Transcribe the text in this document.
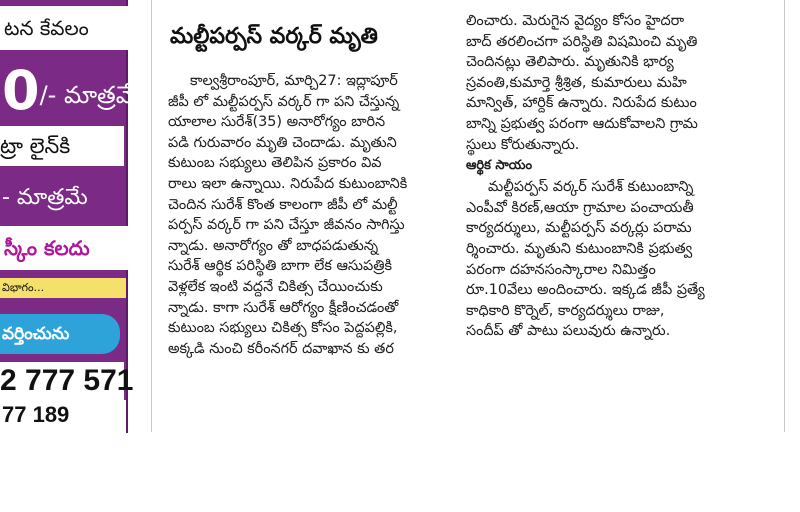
టన కేవలం
0/- మాత్రమే
ట్రా లైన్‌కి
- మాత్రమే
స్కీం కలదు
విభాగం...
వర్తించును
2 777 571
77 189
మల్టీపర్పస్‌ వర్కర్‌ మృతి
కాల్వశ్రీరాంపూర్‌, మార్చి27: ఇద్లాపూర్‌
జీపీ లో మల్టీపర్పస్‌ వర్కర్‌ గా పని చేస్తున్న
యాలాల సురేశ్‌(35) అనారోగ్యం బారిన
పడి గురువారం మృతి చెందాడు. మృతుని
కుటుంబ సభ్యులు తెలిపిన ప్రకారం వివ
రాలు ఇలా ఉన్నాయి. నిరుపేద కుటుంబానికి
చెందిన సురేశ్‌ కొంత కాలంగా జీపీ లో మల్టీ
పర్పస్‌ వర్కర్‌ గా పని చేస్తూ జీవనం సాగిస్తు
న్నాడు. అనారోగ్యం తో బాధపడుతున్న
సురేశ్‌ ఆర్థిక పరిస్థితి బాగా లేక ఆసుపత్రికి
వెళ్లలేక ఇంటి వద్దనే చికిత్స చేయించుకు
న్నాడు. కాగా సురేశ్‌ ఆరోగ్యం క్షీణించడంతో
కుటుంబ సభ్యులు చికిత్స కోసం పెద్దపల్లికి,
అక్కడి నుంచి కరీంనగర్‌ దవాఖాన కు తర
లించారు. మెరుగైన వైద్యం కోసం హైదరా
బాద్‌ తరలించగా పరిస్థితి విషమించి మృతి
చెందినట్లు తెలిపారు. మృతునికి భార్య
స్రవంతి,కుమార్తె శ్రీశ్రిత, కుమారులు మహి
మాన్విత్‌, హార్దిక్‌ ఉన్నారు. నిరుపేద కుటుం
బాన్ని ప్రభుత్వ పరంగా ఆదుకోవాలని గ్రామ
స్థులు కోరుతున్నారు.
ఆర్థిక సాయం
మల్టీపర్పస్‌ వర్కర్‌ సురేశ్‌ కుటుంబాన్ని
ఎంపీవో కిరణ్‌,ఆయా గ్రామాల పంచాయతీ
కార్యదర్శులు, మల్టీపర్పస్‌ వర్కర్లు పరామ
ర్శించారు. మృతుని కుటుంబానికి ప్రభుత్వ
పరంగా దహనసంస్కారాల నిమిత్తం
రూ.10వేలు అందించారు. ఇక్కడ జీపీ ప్రత్యే
కాధికారి కొర్నెల్‌, కార్యదర్శులు రాజు,
సందీప్‌ తో పాటు పలువురు ఉన్నారు.
